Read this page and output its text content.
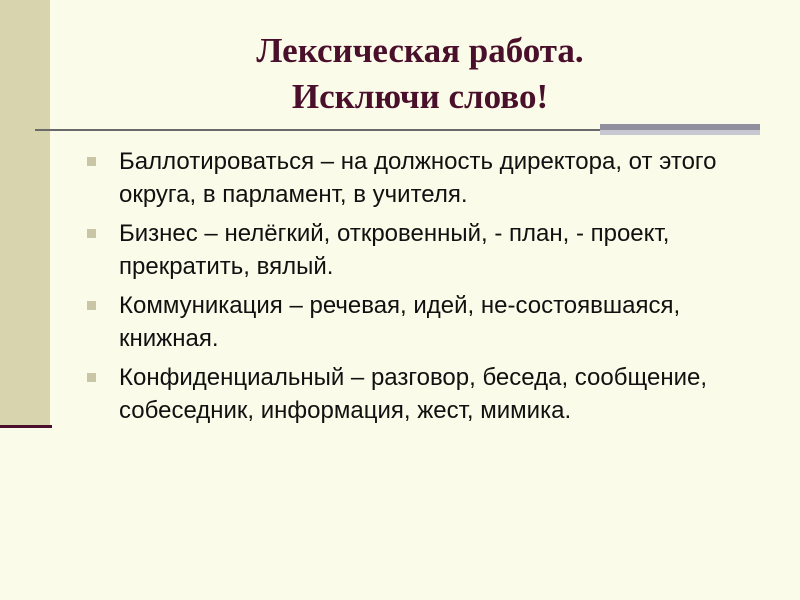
Лексическая работа.
Исключи слово!
Баллотироваться – на должность директора, от этого округа, в парламент, в учителя.
Бизнес – нелёгкий, откровенный, - план, - проект, прекратить, вялый.
Коммуникация – речевая, идей, не-состоявшаяся, книжная.
Конфиденциальный – разговор, беседа, сообщение, собеседник, информация, жест, мимика.
